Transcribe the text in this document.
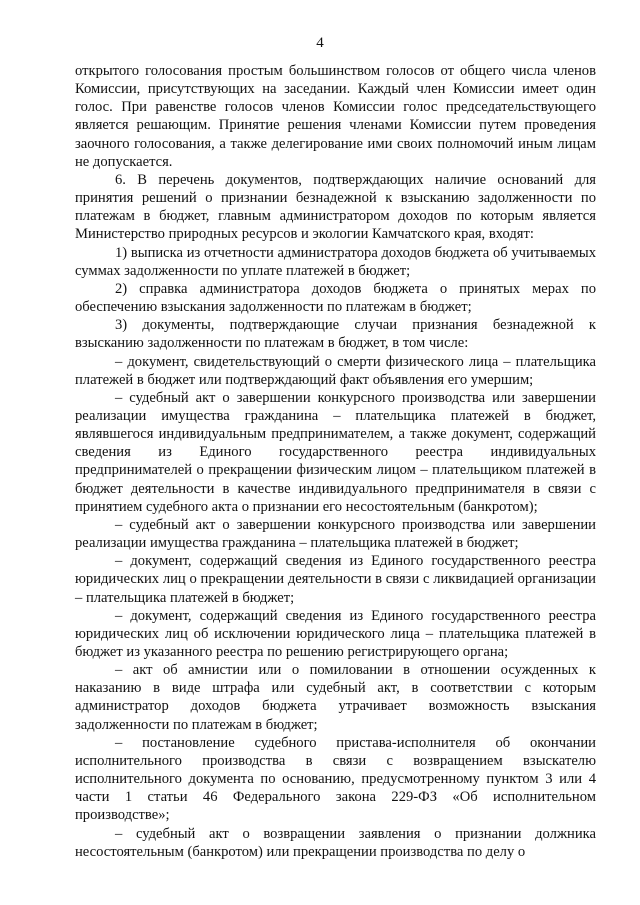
4

открытого голосования простым большинством голосов от общего числа членов Комиссии, присутствующих на заседании. Каждый член Комиссии имеет один голос. При равенстве голосов членов Комиссии голос председательствующего является решающим. Принятие решения членами Комиссии путем проведения заочного голосования, а также делегирование ими своих полномочий иным лицам не допускается.

6. В перечень документов, подтверждающих наличие оснований для принятия решений о признании безнадежной к взысканию задолженности по платежам в бюджет, главным администратором доходов по которым является Министерство природных ресурсов и экологии Камчатского края, входят:

1) выписка из отчетности администратора доходов бюджета об учитываемых суммах задолженности по уплате платежей в бюджет;

2) справка администратора доходов бюджета о принятых мерах по обеспечению взыскания задолженности по платежам в бюджет;

3) документы, подтверждающие случаи признания безнадежной к взысканию задолженности по платежам в бюджет, в том числе:

– документ, свидетельствующий о смерти физического лица – плательщика платежей в бюджет или подтверждающий факт объявления его умершим;

– судебный акт о завершении конкурсного производства или завершении реализации имущества гражданина – плательщика платежей в бюджет, являвшегося индивидуальным предпринимателем, а также документ, содержащий сведения из Единого государственного реестра индивидуальных предпринимателей о прекращении физическим лицом – плательщиком платежей в бюджет деятельности в качестве индивидуального предпринимателя в связи с принятием судебного акта о признании его несостоятельным (банкротом);

– судебный акт о завершении конкурсного производства или завершении реализации имущества гражданина – плательщика платежей в бюджет;

– документ, содержащий сведения из Единого государственного реестра юридических лиц о прекращении деятельности в связи с ликвидацией организации – плательщика платежей в бюджет;

– документ, содержащий сведения из Единого государственного реестра юридических лиц об исключении юридического лица – плательщика платежей в бюджет из указанного реестра по решению регистрирующего органа;

– акт об амнистии или о помиловании в отношении осужденных к наказанию в виде штрафа или судебный акт, в соответствии с которым администратор доходов бюджета утрачивает возможность взыскания задолженности по платежам в бюджет;

– постановление судебного пристава-исполнителя об окончании исполнительного производства в связи с возвращением взыскателю исполнительного документа по основанию, предусмотренному пунктом 3 или 4 части 1 статьи 46 Федерального закона 229-ФЗ «Об исполнительном производстве»;

– судебный акт о возвращении заявления о признании должника несостоятельным (банкротом) или прекращении производства по делу о
